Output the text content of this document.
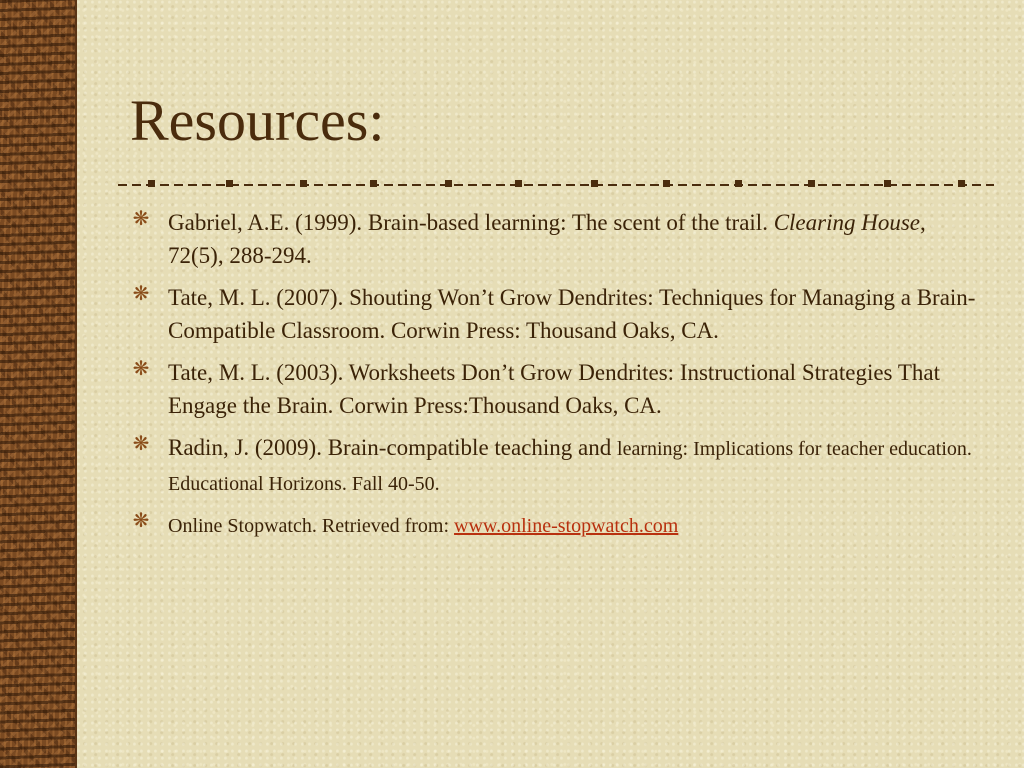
Resources:
❋ Gabriel, A.E. (1999). Brain-based learning: The scent of the trail. Clearing House, 72(5), 288-294.
❋ Tate, M. L. (2007). Shouting Won’t Grow Dendrites: Techniques for Managing a Brain- Compatible Classroom. Corwin Press: Thousand Oaks, CA.
❋ Tate, M. L. (2003). Worksheets Don’t Grow Dendrites: Instructional Strategies That Engage the Brain. Corwin Press:Thousand Oaks, CA.
❋ Radin, J. (2009). Brain-compatible teaching and learning: Implications for teacher education. Educational Horizons. Fall 40-50.
❋ Online Stopwatch. Retrieved from: www.online-stopwatch.com
